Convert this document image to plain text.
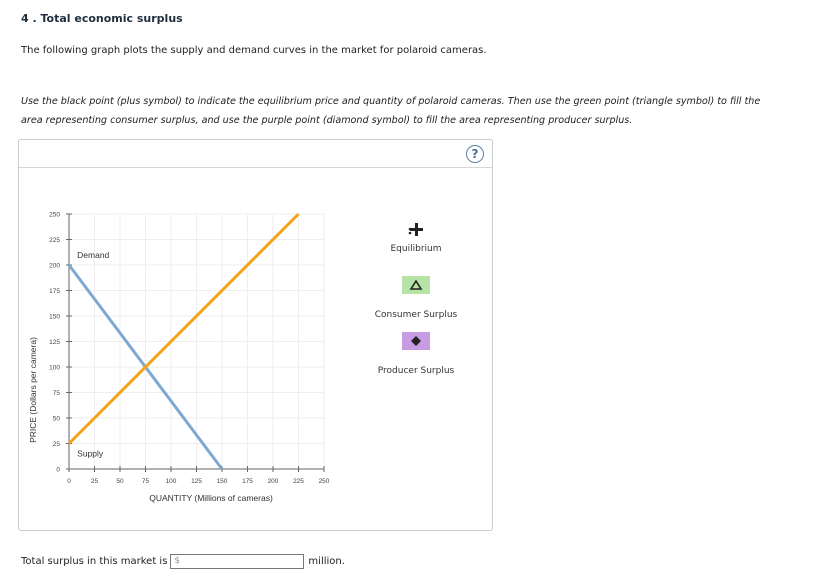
4 . Total economic surplus
The following graph plots the supply and demand curves in the market for polaroid cameras.
Use the black point (plus symbol) to indicate the equilibrium price and quantity of polaroid cameras. Then use the green point (triangle symbol) to fill the area representing consumer surplus, and use the purple point (diamond symbol) to fill the area representing producer surplus.
?
0
25
50
75
100
125
150
175
200
225
250
0	25	50	75	100 125 150 175 200 225 250
Demand
Supply
PRICE (Dollars per camera)
QUANTITY (Millions of cameras)
Equilibrium
Consumer Surplus
Producer Surplus
Total surplus in this market is $	million.
